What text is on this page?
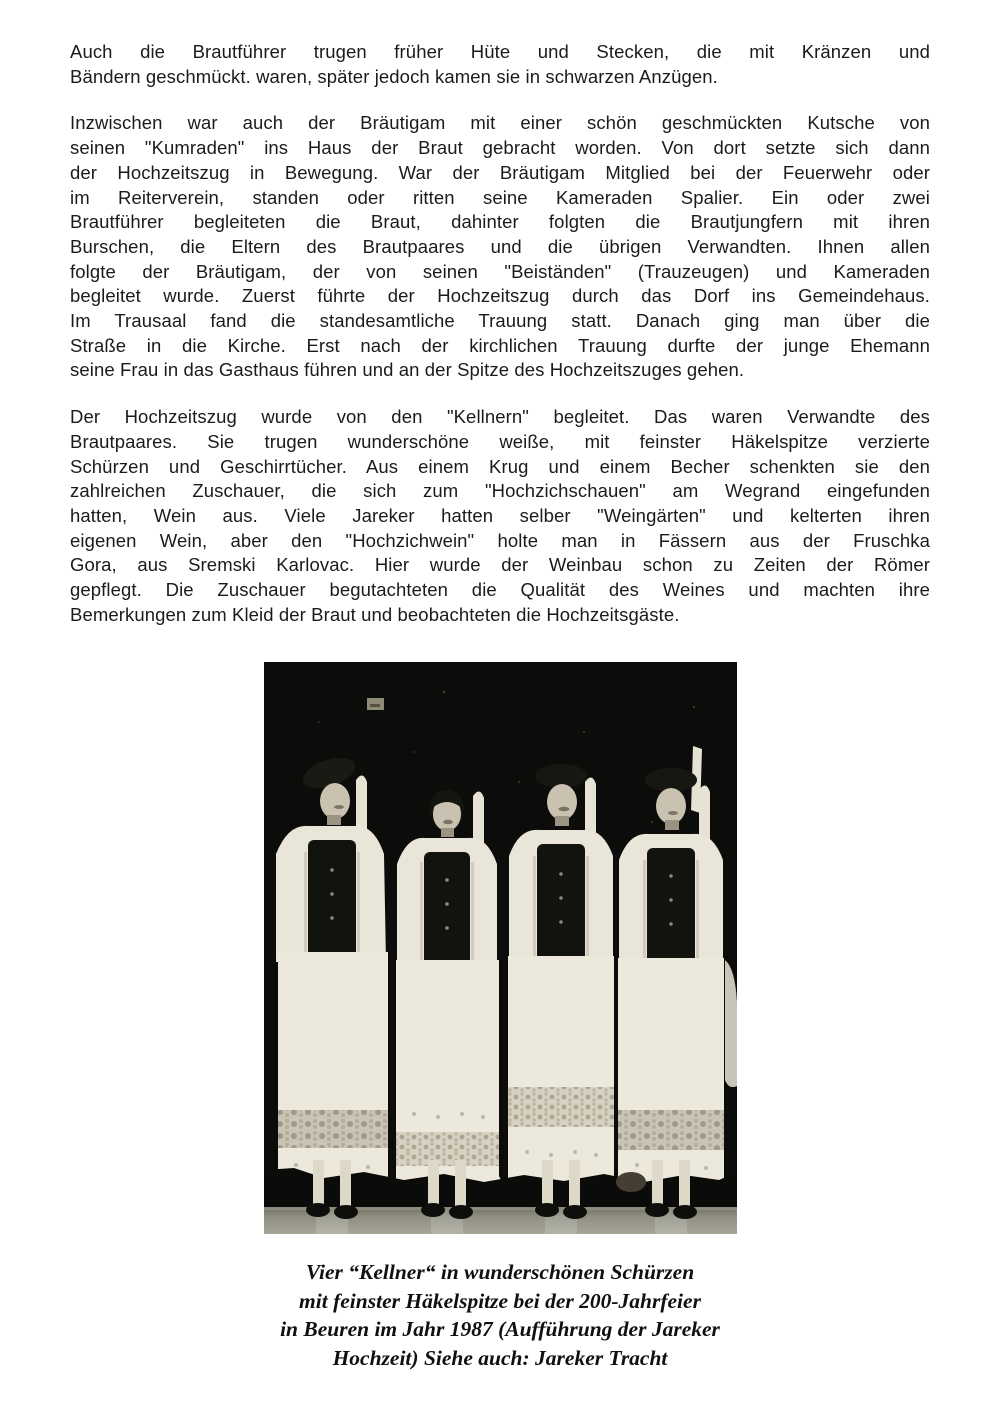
Auch die Brautführer trugen früher Hüte und Stecken, die mit Kränzen und
Bändern geschmückt. waren, später jedoch kamen sie in schwarzen Anzügen.
Inzwischen war auch der Bräutigam mit einer schön geschmückten Kutsche von
seinen "Kumraden" ins Haus der Braut gebracht worden. Von dort setzte sich dann
der Hochzeitszug in Bewegung. War der Bräutigam Mitglied bei der Feuerwehr oder
im Reiterverein, standen oder ritten seine Kameraden Spalier. Ein oder zwei
Brautführer begleiteten die Braut, dahinter folgten die Brautjungfern mit ihren
Burschen, die Eltern des Brautpaares und die übrigen Verwandten. Ihnen allen
folgte der Bräutigam, der von seinen "Beiständen" (Trauzeugen) und Kameraden
begleitet wurde. Zuerst führte der Hochzeitszug durch das Dorf ins Gemeindehaus.
Im Trausaal fand die standesamtliche Trauung statt. Danach ging man über die
Straße in die Kirche. Erst nach der kirchlichen Trauung durfte der junge Ehemann
seine Frau in das Gasthaus führen und an der Spitze des Hochzeitszuges gehen.
Der Hochzeitszug wurde von den "Kellnern" begleitet. Das waren Verwandte des
Brautpaares. Sie trugen wunderschöne weiße, mit feinster Häkelspitze verzierte
Schürzen und Geschirrtücher. Aus einem Krug und einem Becher schenkten sie den
zahlreichen Zuschauer, die sich zum "Hochzichschauen" am Wegrand eingefunden
hatten, Wein aus. Viele Jareker hatten selber "Weingärten" und kelterten ihren
eigenen Wein, aber den "Hochzichwein" holte man in Fässern aus der Fruschka
Gora, aus Sremski Karlovac. Hier wurde der Weinbau schon zu Zeiten der Römer
gepflegt. Die Zuschauer begutachteten die Qualität des Weines und machten ihre
Bemerkungen zum Kleid der Braut und beobachteten die Hochzeitsgäste.
Vier “Kellner“ in wunderschönen Schürzen
mit feinster Häkelspitze bei der 200-Jahrfeier
in Beuren im Jahr 1987 (Aufführung der Jareker
Hochzeit) Siehe auch: Jareker Tracht
